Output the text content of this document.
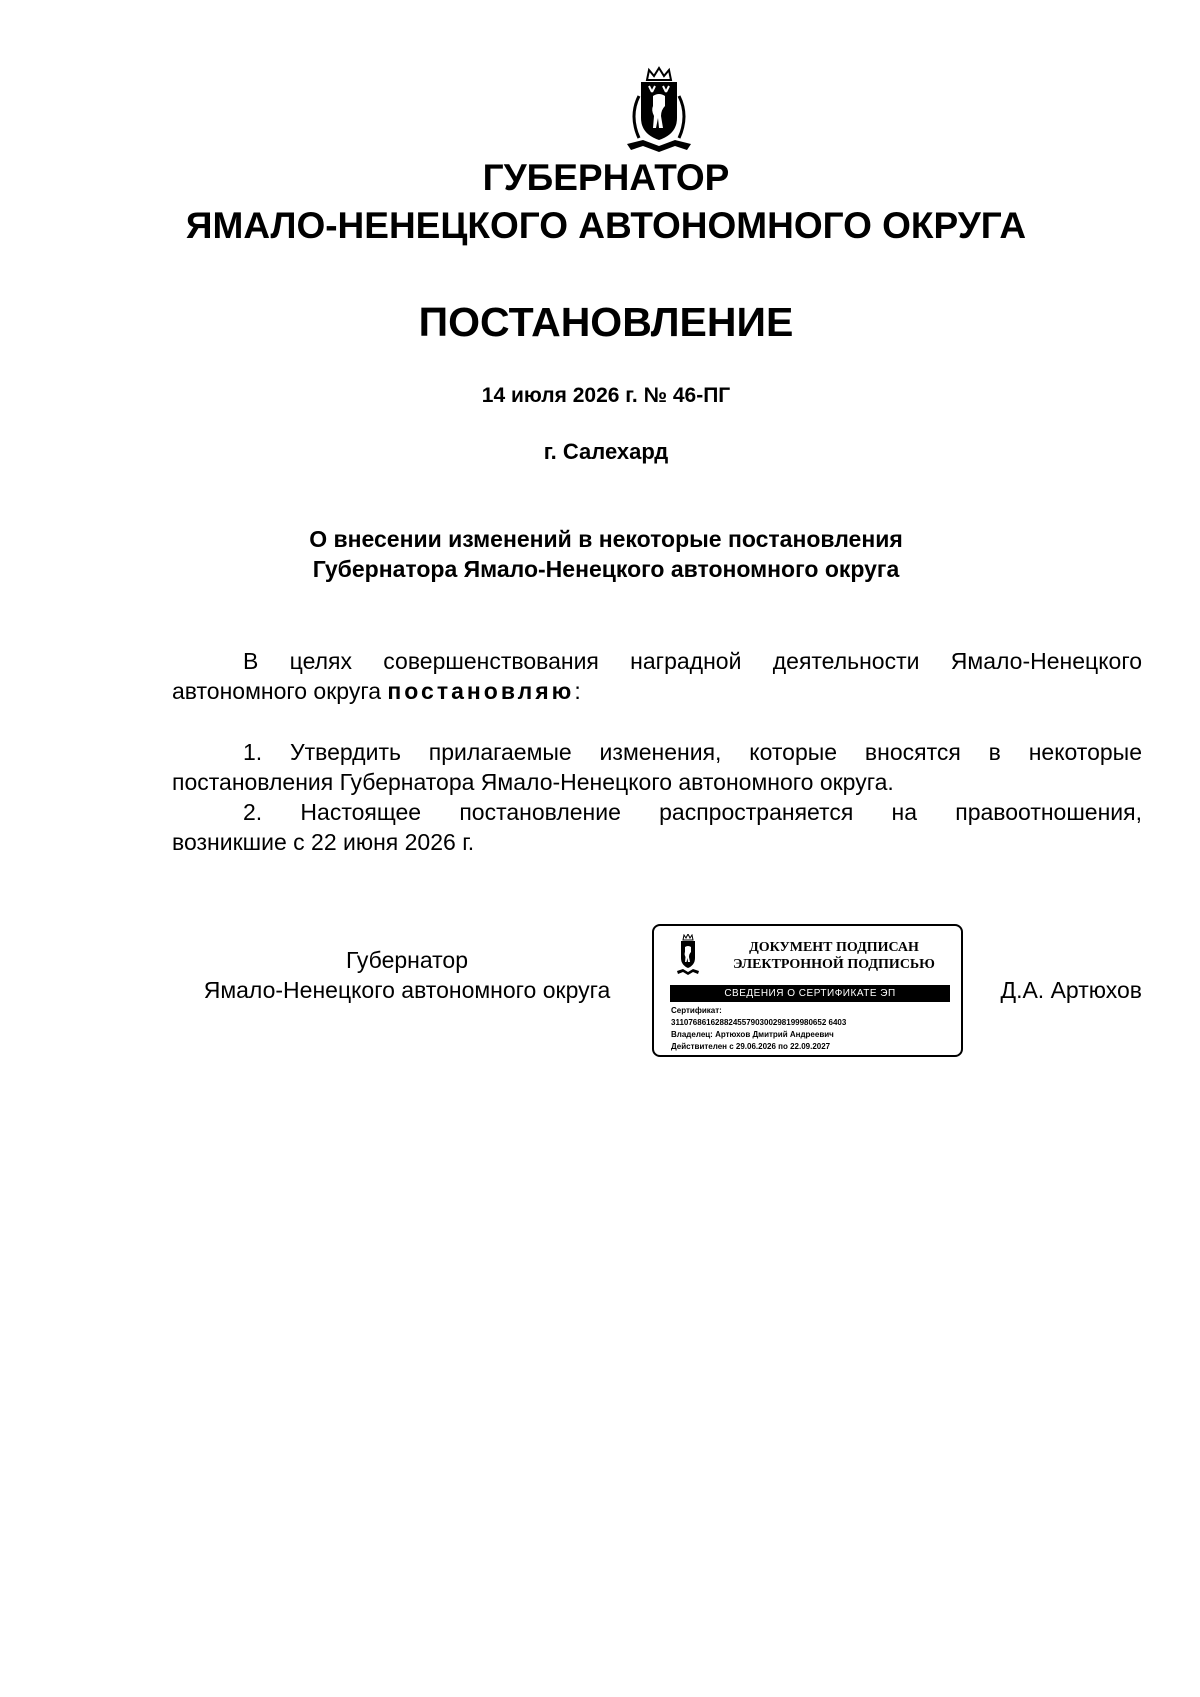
ГУБЕРНАТОР
ЯМАЛО-НЕНЕЦКОГО АВТОНОМНОГО ОКРУГА
ПОСТАНОВЛЕНИЕ
14 июля 2026 г. № 46-ПГ
г. Салехард
О внесении изменений в некоторые постановления
Губернатора Ямало-Ненецкого автономного округа
В целях совершенствования наградной деятельности Ямало-Ненецкого
автономного округа постановляю:
1. Утвердить прилагаемые изменения, которые вносятся в некоторые
постановления Губернатора Ямало-Ненецкого автономного округа.
2. Настоящее постановление распространяется на правоотношения,
возникшие с 22 июня 2026 г.
Губернатор
Ямало-Ненецкого автономного округа
ДОКУМЕНТ ПОДПИСАН
ЭЛЕКТРОННОЙ ПОДПИСЬЮ
СВЕДЕНИЯ О СЕРТИФИКАТЕ ЭП
Сертификат:
31107686162882455790300298199980652 6403
Владелец: Артюхов Дмитрий Андреевич
Действителен с 29.06.2026 по 22.09.2027
Д.А. Артюхов
